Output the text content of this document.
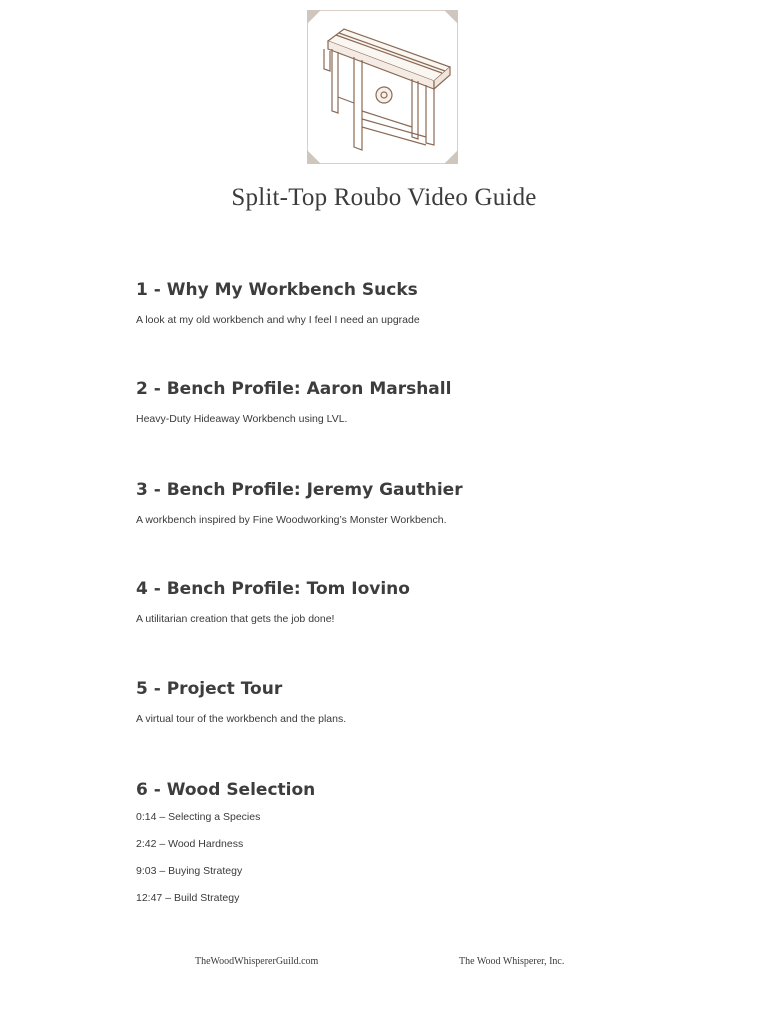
Split-Top Roubo Video Guide
1 - Why My Workbench Sucks

A look at my old workbench and why I feel I need an upgrade

2 - Bench Profile: Aaron Marshall

Heavy-Duty Hideaway Workbench using LVL.

3 - Bench Profile: Jeremy Gauthier

A workbench inspired by Fine Woodworking’s Monster Workbench.

4 - Bench Profile: Tom Iovino

A utilitarian creation that gets the job done!

5 - Project Tour

A virtual tour of the workbench and the plans.

6 - Wood Selection
0:14 – Selecting a Species
2:42 – Wood Hardness
9:03 – Buying Strategy
12:47 – Build Strategy
TheWoodWhispererGuild.com	The Wood Whisperer, Inc.
